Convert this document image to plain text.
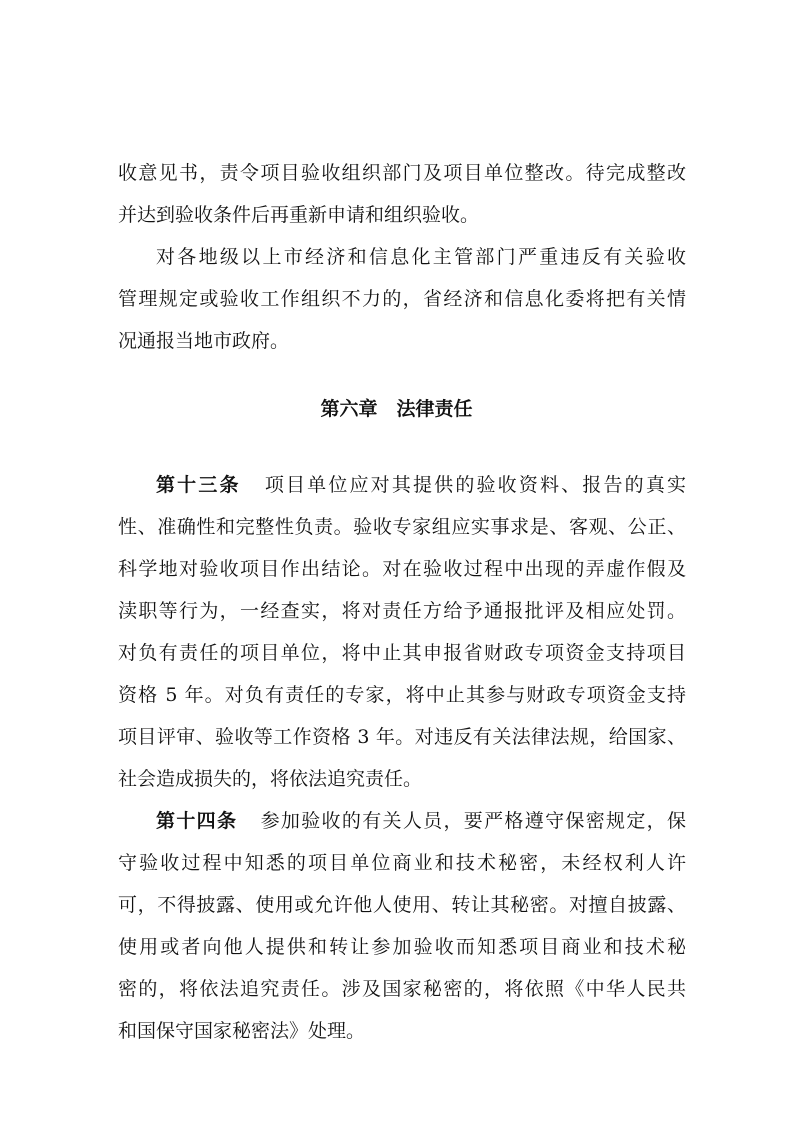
收意见书，责令项目验收组织部门及项目单位整改。待完成整改
并达到验收条件后再重新申请和组织验收。
对各地级以上市经济和信息化主管部门严重违反有关验收
管理规定或验收工作组织不力的，省经济和信息化委将把有关情
况通报当地市政府。
第六章　法律责任
第十三条 项目单位应对其提供的验收资料、报告的真实
性、准确性和完整性负责。验收专家组应实事求是、客观、公正、
科学地对验收项目作出结论。对在验收过程中出现的弄虚作假及
渎职等行为，一经查实，将对责任方给予通报批评及相应处罚。
对负有责任的项目单位，将中止其申报省财政专项资金支持项目
资格 5 年。对负有责任的专家，将中止其参与财政专项资金支持
项目评审、验收等工作资格 3 年。对违反有关法律法规，给国家、
社会造成损失的，将依法追究责任。
第十四条 参加验收的有关人员，要严格遵守保密规定，保
守验收过程中知悉的项目单位商业和技术秘密，未经权利人许
可，不得披露、使用或允许他人使用、转让其秘密。对擅自披露、
使用或者向他人提供和转让参加验收而知悉项目商业和技术秘
密的，将依法追究责任。涉及国家秘密的，将依照《中华人民共
和国保守国家秘密法》处理。
